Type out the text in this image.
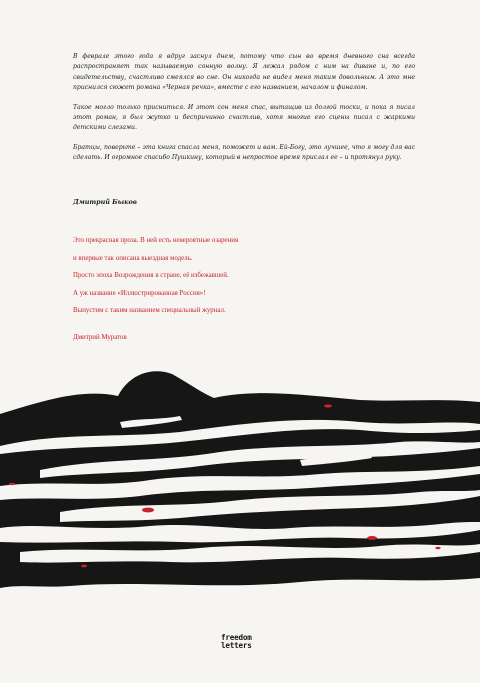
В феврале этого года я вдруг заснул днем, потому что сын во время дневного сна всегда распространяет так называемую сонную волну. Я лежал рядом с ним на диване и, по его свидетельству, счастливо смеялся во сне. Он никогда не видел меня таким довольным. А это мне приснился сюжет романа «Черная речка», вместе с его названием, началом и финалом.

Такое могло только присниться. И этот сон меня спас, вытащив из долгой тоски, и пока я писал этот роман, я был жутко и беспричинно счастлив, хотя многие его сцены писал с жаркими детскими слезами.

Братцы, поверьте – эта книга спасла меня, поможет и вам. Ей-Богу, это лучшее, что я могу для вас сделать. И огромное спасибо Пушкину, который в непростое время прислал ее – и протянул руку.

Дмитрий Быков
Это прекрасная проза. В ней есть невероятные озарения
и впервые так описана выездная модель.
Просто эпоха Возрождения в стране, её избежавшей.
А уж название «Иллюстрированная Россия»!
Выпустим с таким названием специальный журнал.
Дмитрий Муратов
freedom
letters
